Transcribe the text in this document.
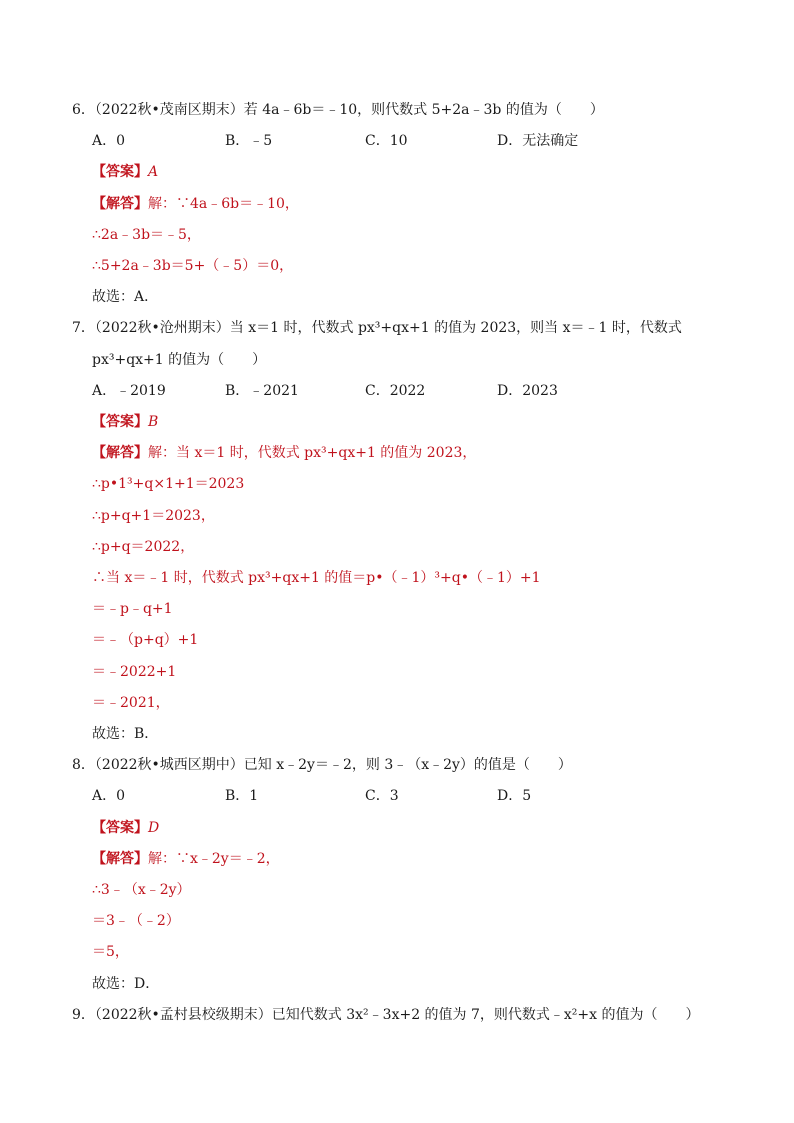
6．（2022秋•茂南区期末）若 4a﹣6b＝﹣10，则代数式 5+2a﹣3b 的值为（　　）
A．0	B．﹣5	C．10	D．无法确定
【答案】A
【解答】解：∵4a﹣6b＝﹣10，
∴2a﹣3b＝﹣5，
∴5+2a﹣3b＝5+（﹣5）＝0，
故选：A．
7．（2022秋•沧州期末）当 x＝1 时，代数式 px³+qx+1 的值为 2023，则当 x＝﹣1 时，代数式
px³+qx+1 的值为（　　）
A．﹣2019	B．﹣2021	C．2022	D．2023
【答案】B
【解答】解：当 x＝1 时，代数式 px³+qx+1 的值为 2023，
∴p•1³+q×1+1＝2023
∴p+q+1＝2023，
∴p+q＝2022，
∴当 x＝﹣1 时，代数式 px³+qx+1 的值＝p•（﹣1）³+q•（﹣1）+1
＝﹣p﹣q+1
＝﹣（p+q）+1
＝﹣2022+1
＝﹣2021，
故选：B．
8．（2022秋•城西区期中）已知 x﹣2y＝﹣2，则 3﹣（x﹣2y）的值是（　　）
A．0	B．1	C．3	D．5
【答案】D
【解答】解：∵x﹣2y＝﹣2，
∴3﹣（x﹣2y）
＝3﹣（﹣2）
＝5，
故选：D．
9．（2022秋•孟村县校级期末）已知代数式 3x²﹣3x+2 的值为 7，则代数式﹣x²+x 的值为（　　）
